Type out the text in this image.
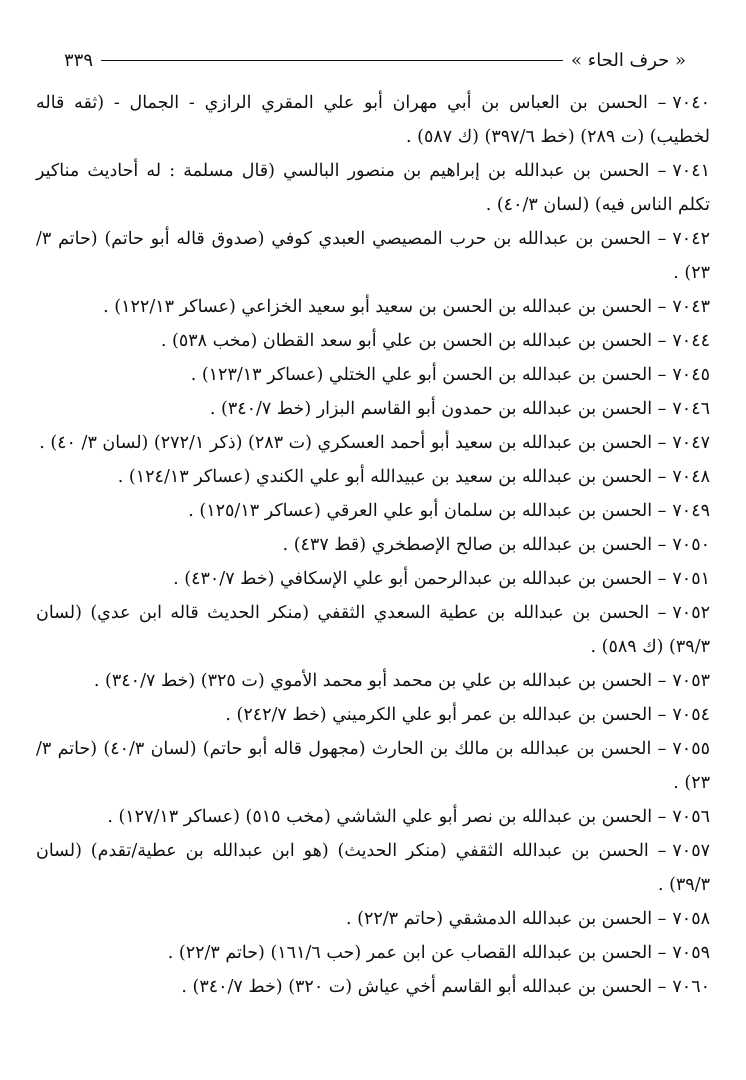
« حرف الحاء »
٣٣٩
٧٠٤٠– الحسن بن العباس بن أبي مهران أبو علي المقري الرازي - الجمال - (ثقه قاله لخطيب) (ت ٢٨٩) (خط ٣٩٧/٦) (ك ٥٨٧) .
٧٠٤١– الحسن بن عبدالله بن إبراهيم بن منصور البالسي (قال مسلمة : له أحاديث مناكير تكلم الناس فيه) (لسان ٤٠/٣) .
٧٠٤٢– الحسن بن عبدالله بن حرب المصيصي العبدي كوفي (صدوق قاله أبو حاتم) (حاتم ٣/ ٢٣) .
٧٠٤٣– الحسن بن عبدالله بن الحسن بن سعيد أبو سعيد الخزاعي (عساكر ١٢٢/١٣) .
٧٠٤٤– الحسن بن عبدالله بن الحسن بن علي أبو سعد القطان (مخب ٥٣٨) .
٧٠٤٥– الحسن بن عبدالله بن الحسن أبو علي الختلي (عساكر ١٢٣/١٣) .
٧٠٤٦– الحسن بن عبدالله بن حمدون أبو القاسم البزار (خط ٣٤٠/٧) .
٧٠٤٧– الحسن بن عبدالله بن سعيد أبو أحمد العسكري (ت ٢٨٣) (ذكر ٢٧٢/١) (لسان ٣/ ٤٠) .
٧٠٤٨– الحسن بن عبدالله بن سعيد بن عبيدالله أبو علي الكندي (عساكر ١٢٤/١٣) .
٧٠٤٩– الحسن بن عبدالله بن سلمان أبو علي العرقي (عساكر ١٢٥/١٣) .
٧٠٥٠– الحسن بن عبدالله بن صالح الإصطخري (قط ٤٣٧) .
٧٠٥١– الحسن بن عبدالله بن عبدالرحمن أبو علي الإسكافي (خط ٤٣٠/٧) .
٧٠٥٢– الحسن بن عبدالله بن عطية السعدي الثقفي (منكر الحديث قاله ابن عدي) (لسان ٣٩/٣) (ك ٥٨٩) .
٧٠٥٣– الحسن بن عبدالله بن علي بن محمد أبو محمد الأموي (ت ٣٢٥) (خط ٣٤٠/٧) .
٧٠٥٤– الحسن بن عبدالله بن عمر أبو علي الكرميني (خط ٢٤٢/٧) .
٧٠٥٥– الحسن بن عبدالله بن مالك بن الحارث (مجهول قاله أبو حاتم) (لسان ٤٠/٣) (حاتم ٣/ ٢٣) .
٧٠٥٦– الحسن بن عبدالله بن نصر أبو علي الشاشي (مخب ٥١٥) (عساكر ١٢٧/١٣) .
٧٠٥٧– الحسن بن عبدالله الثقفي (منكر الحديث) (هو ابن عبدالله بن عطية/تقدم) (لسان ٣٩/٣) .
٧٠٥٨– الحسن بن عبدالله الدمشقي (حاتم ٢٢/٣) .
٧٠٥٩– الحسن بن عبدالله القصاب عن ابن عمر (حب ١٦١/٦) (حاتم ٢٢/٣) .
٧٠٦٠– الحسن بن عبدالله أبو القاسم أخي عياش (ت ٣٢٠) (خط ٣٤٠/٧) .
